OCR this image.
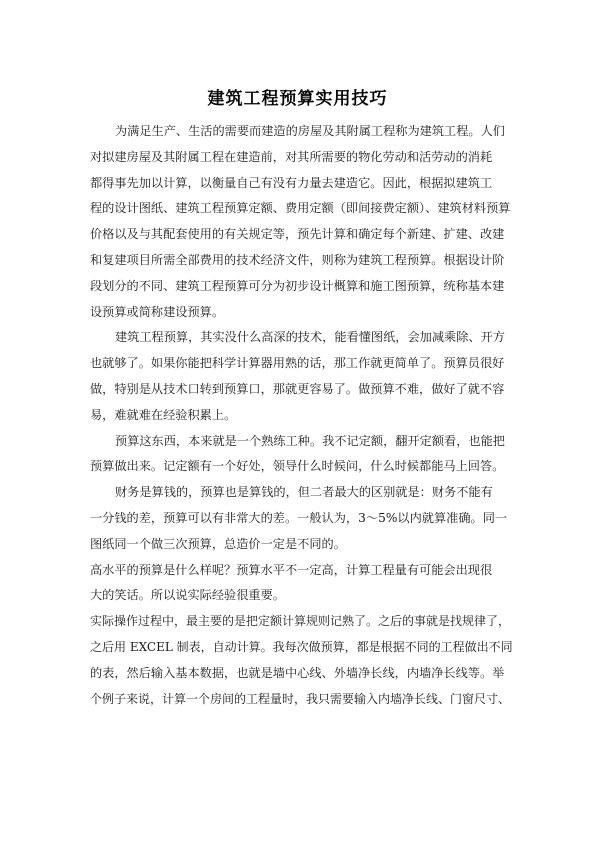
建筑工程预算实用技巧
为满足生产、生活的需要而建造的房屋及其附属工程称为建筑工程。人们
对拟建房屋及其附属工程在建造前，对其所需要的物化劳动和活劳动的消耗
都得事先加以计算，以衡量自己有没有力量去建造它。因此，根据拟建筑工
程的设计图纸、建筑工程预算定额、费用定额（即间接费定额）、建筑材料预算
价格以及与其配套使用的有关规定等，预先计算和确定每个新建、扩建、改建
和复建项目所需全部费用的技术经济文件，则称为建筑工程预算。根据设计阶
段划分的不同、建筑工程预算可分为初步设计概算和施工图预算，统称基本建
设预算或简称建设预算。
建筑工程预算，其实没什么高深的技术，能看懂图纸，会加减乘除、开方
也就够了。如果你能把科学计算器用熟的话，那工作就更简单了。预算员很好
做，特别是从技术口转到预算口，那就更容易了。做预算不难，做好了就不容
易，难就难在经验积累上。
预算这东西，本来就是一个熟练工种。我不记定额，翻开定额看，也能把
预算做出来。记定额有一个好处，领导什么时候问，什么时候都能马上回答。
财务是算钱的，预算也是算钱的，但二者最大的区别就是：财务不能有
一分钱的差，预算可以有非常大的差。一般认为，3～5%以内就算准确。同一
图纸同一个做三次预算，总造价一定是不同的。
高水平的预算是什么样呢？预算水平不一定高，计算工程量有可能会出现很
大的笑话。所以说实际经验很重要。
实际操作过程中，最主要的是把定额计算规则记熟了。之后的事就是找规律了，
之后用 EXCEL 制表，自动计算。我每次做预算，都是根据不同的工程做出不同
的表，然后输入基本数据，也就是墙中心线、外墙净长线，内墙净长线等。举
个例子来说，计算一个房间的工程量时，我只需要输入内墙净长线、门窗尺寸、
